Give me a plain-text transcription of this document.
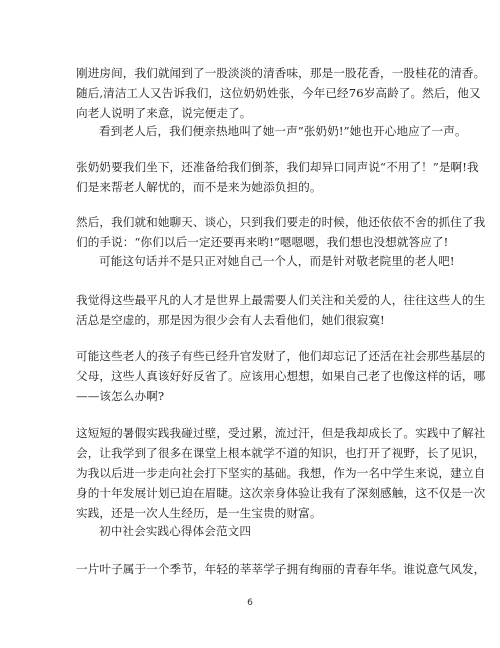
刚进房间，我们就闻到了一股淡淡的清香味，那是一股花香，一股桂花的清香。
随后,清洁工人又告诉我们，这位奶奶姓张，今年已经76岁高龄了。然后，他又
向老人说明了来意，说完便走了。

看到老人后，我们便亲热地叫了她一声”张奶奶!”她也开心地应了一声。

张奶奶要我们坐下，还准备给我们倒茶，我们却异口同声说“不用了！”是啊!我
们是来帮老人解忧的，而不是来为她添负担的。

然后，我们就和她聊天、谈心，只到我们要走的时候，他还依依不舍的抓住了我
们的手说：“你们以后一定还要再来哟!”嗯嗯嗯，我们想也没想就答应了!

可能这句话并不是只正对她自己一个人，而是针对敬老院里的老人吧!

我觉得这些最平凡的人才是世界上最需要人们关注和关爱的人，往往这些人的生
活总是空虚的，那是因为很少会有人去看他们，她们很寂寞!

可能这些老人的孩子有些已经升官发财了，他们却忘记了还活在社会那些基层的
父母，这些人真该好好反省了。应该用心想想，如果自己老了也像这样的话，哪
——该怎么办啊?

这短短的暑假实践我碰过壁，受过累，流过汗，但是我却成长了。实践中了解社
会，让我学到了很多在课堂上根本就学不道的知识，也打开了视野，长了见识，
为我以后进一步走向社会打下坚实的基础。我想，作为一名中学生来说，建立自
身的十年发展计划已迫在眉睫。这次亲身体验让我有了深刻感触，这不仅是一次
实践，还是一次人生经历，是一生宝贵的财富。

初中社会实践心得体会范文四

一片叶子属于一个季节，年轻的莘莘学子拥有绚丽的青春年华。谁说意气风发，

6
